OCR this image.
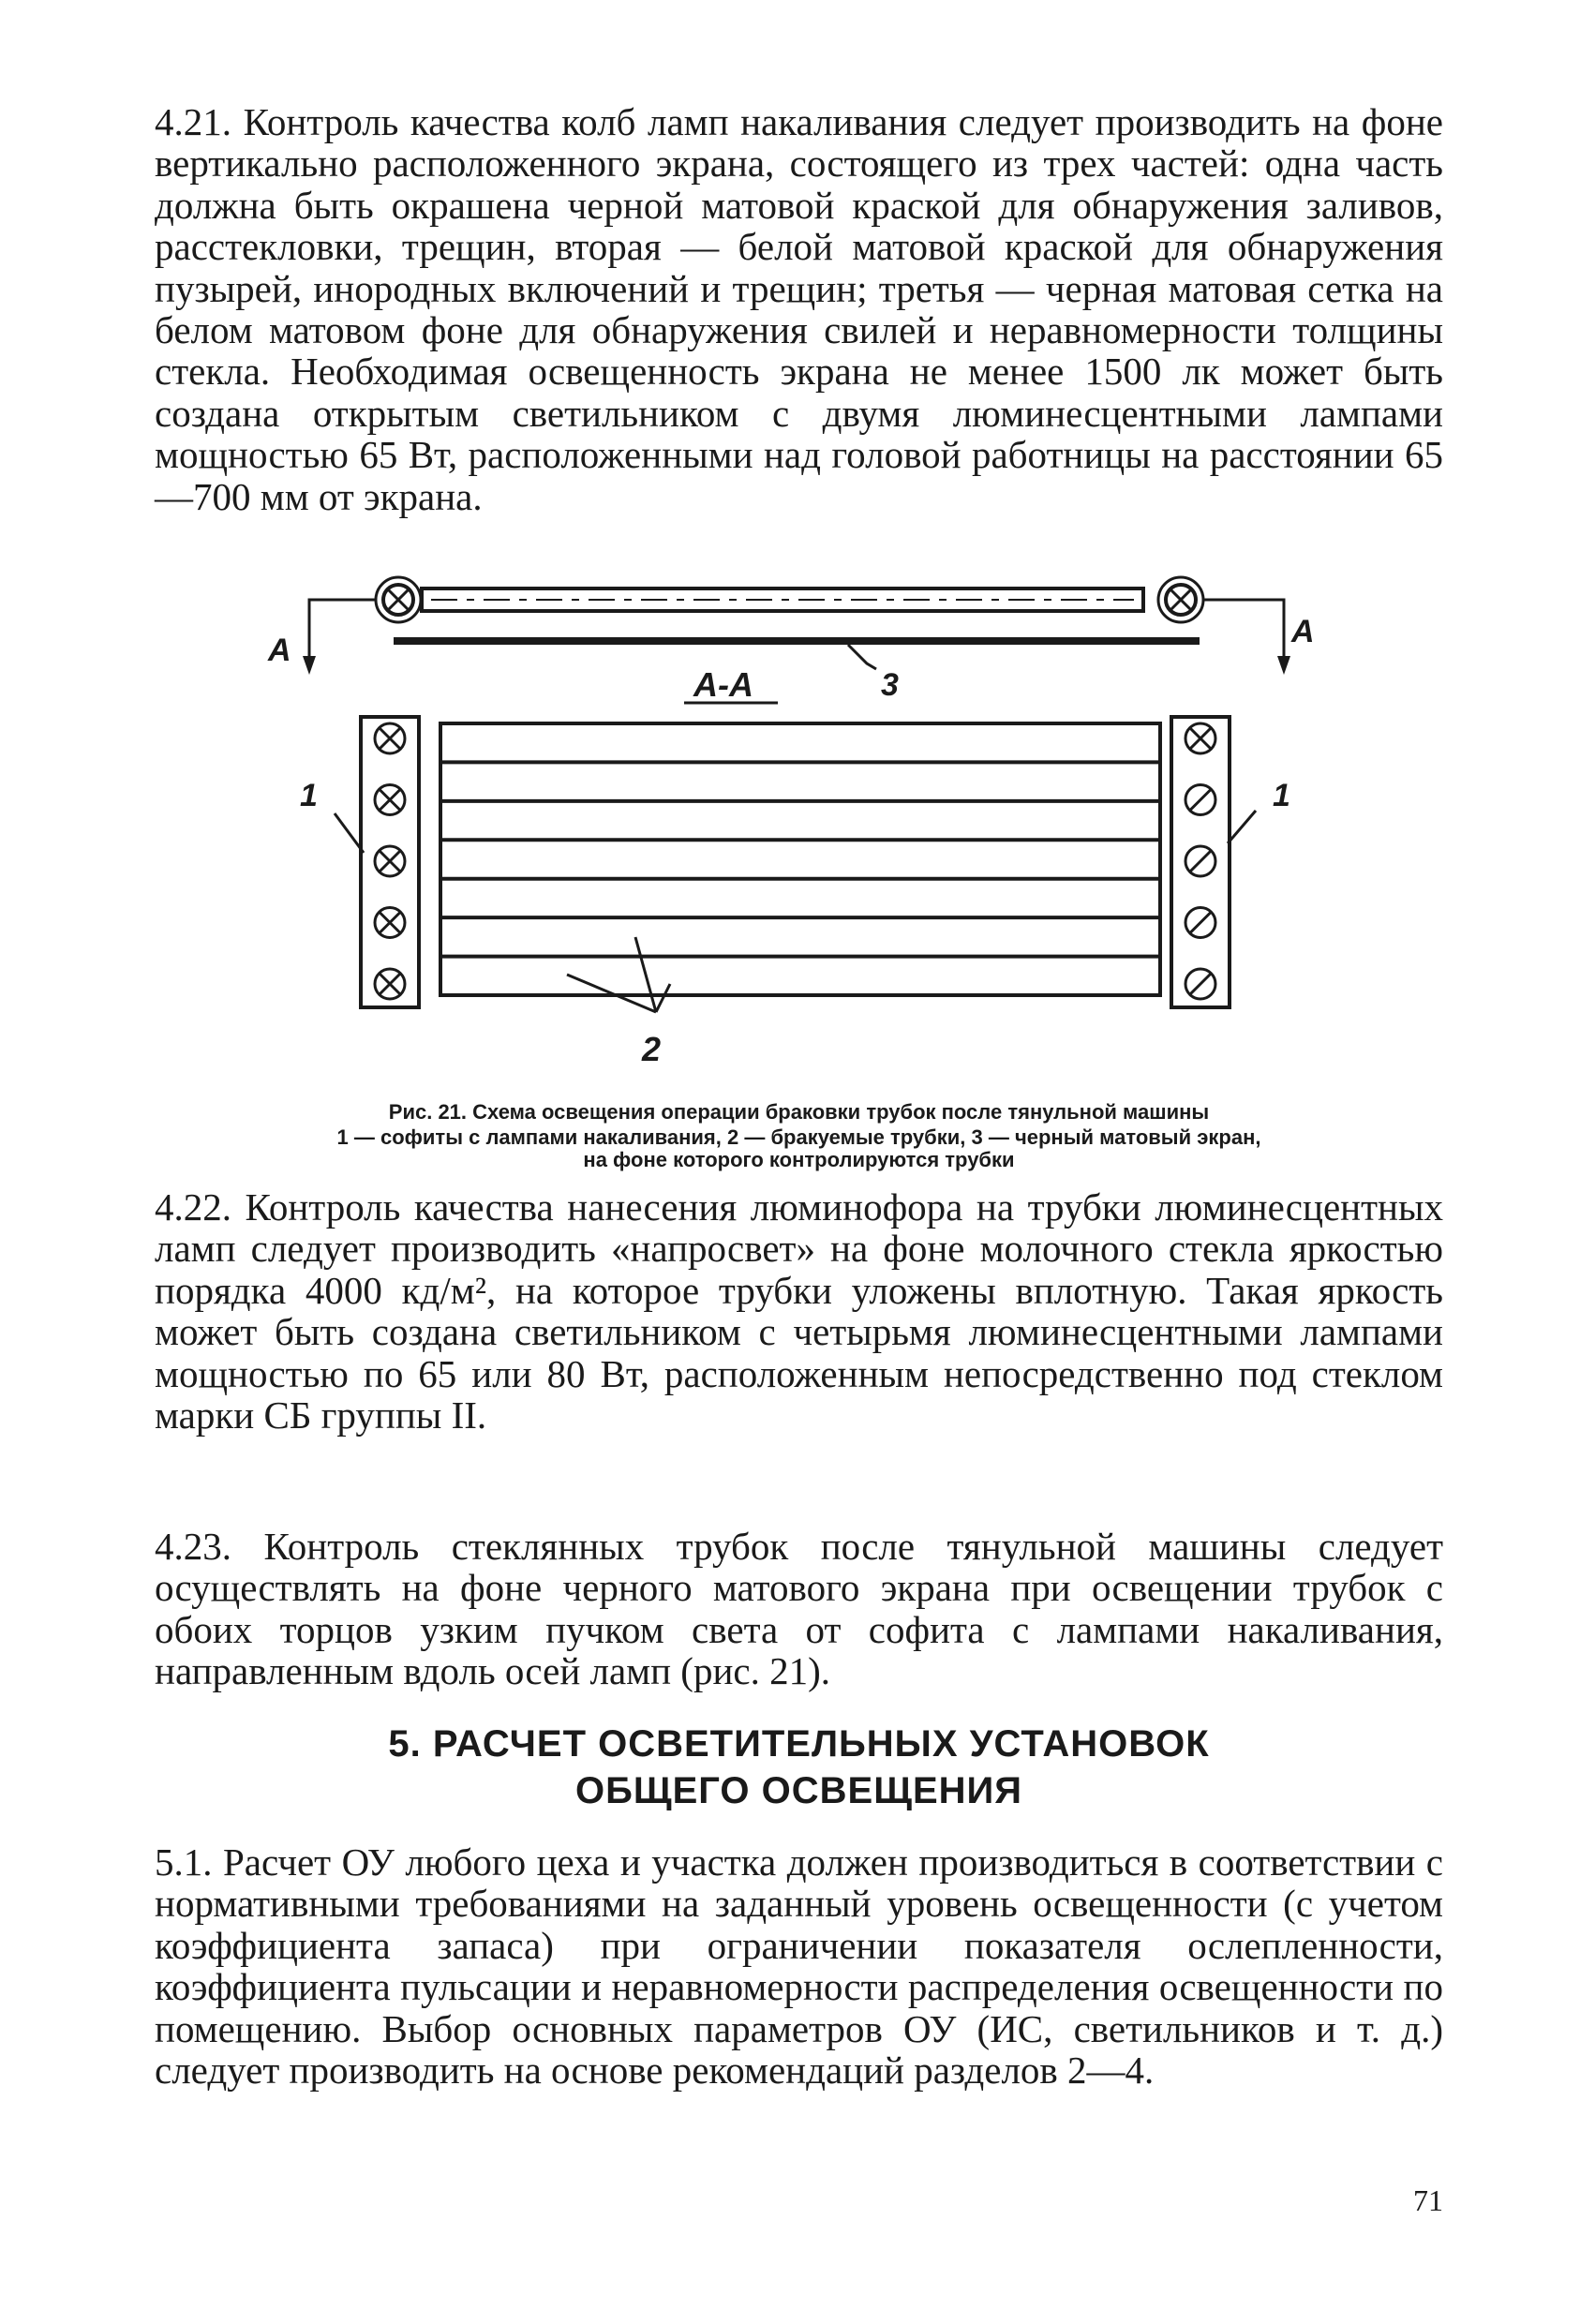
4.21. Контроль качества колб ламп накаливания следует производить на фоне вертикально расположенного экрана, состоящего из трех частей: одна часть должна быть окрашена черной матовой краской для обнаружения заливов, расстекловки, трещин, вторая — белой матовой краской для обнаружения пузырей, инородных включений и трещин; третья — черная матовая сетка на белом матовом фоне для обнаружения свилей и неравномерности толщины стекла. Необходимая освещенность экрана не менее 1500 лк может быть создана открытым светильником с двумя люминесцентными лампами мощностью 65 Вт, расположенными над головой работницы на расстоянии 65—700 мм от экрана.

A
A
А-А	3
1	1
2

Рис. 21. Схема освещения операции браковки трубок после тянульной машины

1 — софиты с лампами накаливания, 2 — бракуемые трубки, 3 — черный матовый экран,
на фоне которого контролируются трубки

4.22. Контроль качества нанесения люминофора на трубки люминесцентных ламп следует производить «напросвет» на фоне молочного стекла яркостью порядка 4000 кд/м², на которое трубки уложены вплотную. Такая яркость может быть создана светильником с четырьмя люминесцентными лампами мощностью по 65 или 80 Вт, расположенным непосредственно под стеклом марки СБ группы II.

4.23. Контроль стеклянных трубок после тянульной машины следует осуществлять на фоне черного матового экрана при освещении трубок с обоих торцов узким пучком света от софита с лампами накаливания, направленным вдоль осей ламп (рис. 21).

5. РАСЧЕТ ОСВЕТИТЕЛЬНЫХ УСТАНОВОК
ОБЩЕГО ОСВЕЩЕНИЯ

5.1. Расчет ОУ любого цеха и участка должен производиться в соответствии с нормативными требованиями на заданный уровень освещенности (с учетом коэффициента запаса) при ограничении показателя ослепленности, коэффициента пульсации и неравномерности распределения освещенности по помещению. Выбор основных параметров ОУ (ИС, светильников и т. д.) следует производить на основе рекомендаций разделов 2—4.

71
